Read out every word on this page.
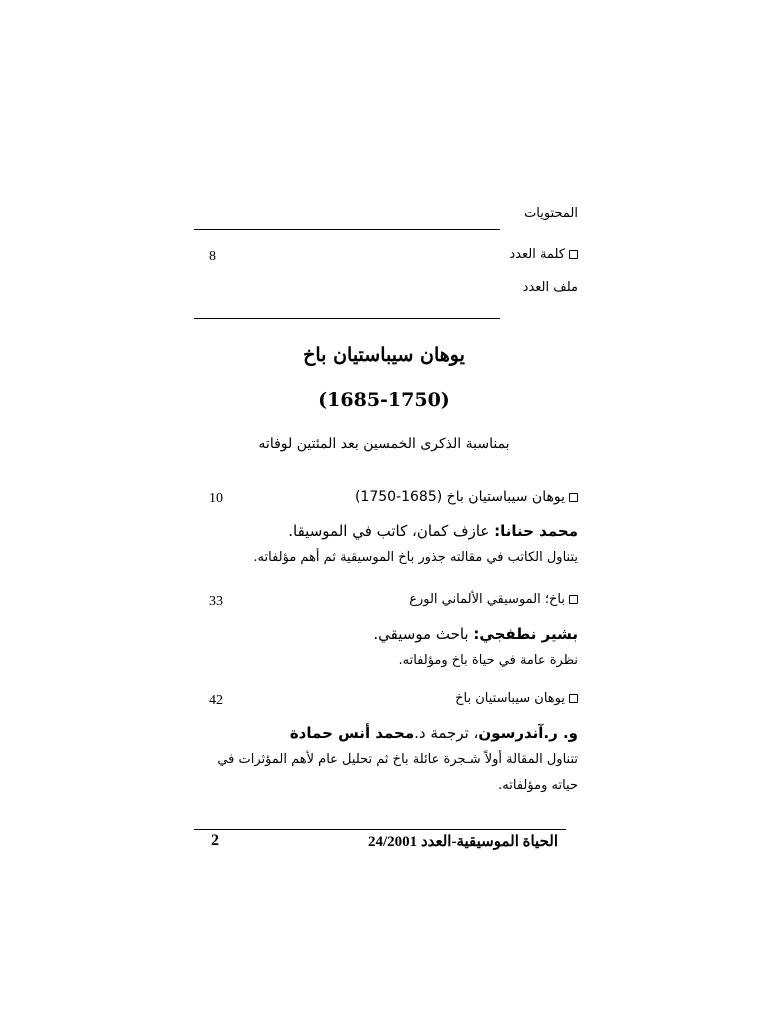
المحتويات
كلمة العدد
8
ملف العدد
يوهان سيباستيان باخ
(1685-1750)
بمناسبة الذكرى الخمسين بعد المئتين لوفاته
يوهان سيباستيان باخ (1685-1750)
10
محمد حنانا: عازف كمان، كاتب في الموسيقا.
يتناول الكاتب في مقالته جذور باخ الموسيقية ثم أهم مؤلفاته.
باخ؛ الموسيقي الألماني الورع
33
بشير نطفجي: باحث موسيقي.
نظرة عامة في حياة باخ ومؤلفاته.
يوهان سيباستيان باخ
42
و. ر.آندرسون، ترجمة د.محمد أنس حمادة
تتناول المقالة أولاً شـجرة عائلة باخ ثم تحليل عام لأهم المؤثرات في
حياته ومؤلفاته.
الحياة الموسيقية-العدد 24/2001
2
